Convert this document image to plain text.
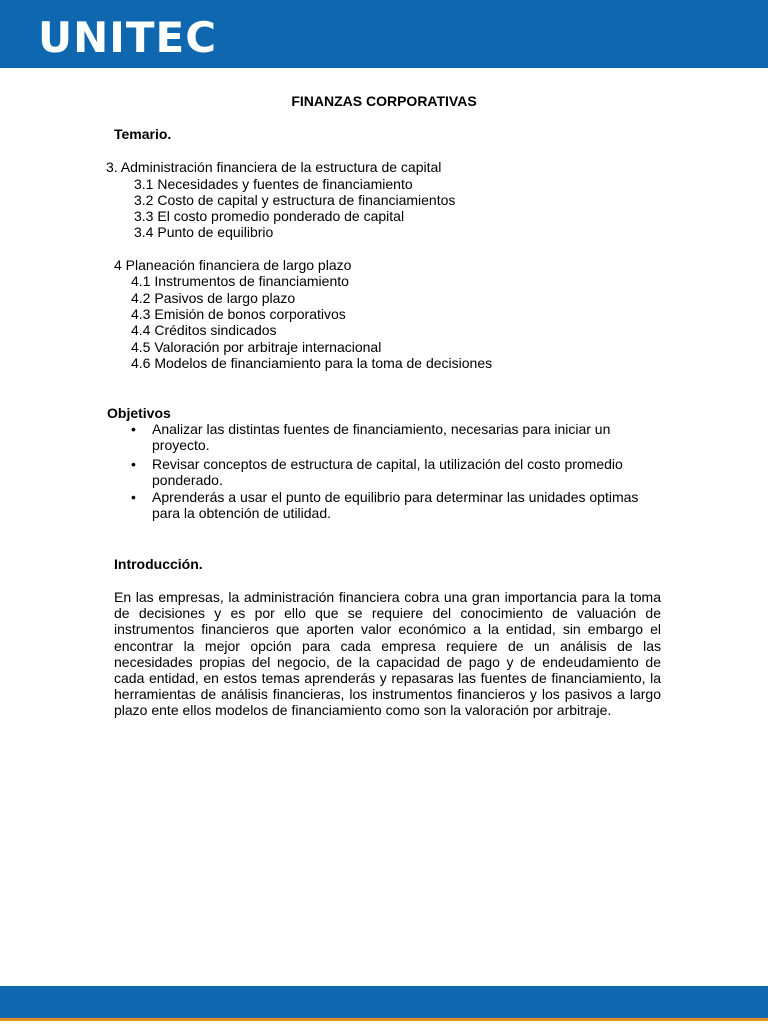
UNITEC
FINANZAS CORPORATIVAS
Temario.
3. Administración financiera de la estructura de capital
3.1 Necesidades y fuentes de financiamiento
3.2 Costo de capital y estructura de financiamientos
3.3 El costo promedio ponderado de capital
3.4 Punto de equilibrio
4 Planeación financiera de largo plazo
4.1 Instrumentos de financiamiento
4.2 Pasivos de largo plazo
4.3 Emisión de bonos corporativos
4.4 Créditos sindicados
4.5 Valoración por arbitraje internacional
4.6 Modelos de financiamiento para la toma de decisiones
Objetivos
• Analizar las distintas fuentes de financiamiento, necesarias para iniciar un
proyecto.
• Revisar conceptos de estructura de capital, la utilización del costo promedio
ponderado.
• Aprenderás a usar el punto de equilibrio para determinar las unidades optimas
para la obtención de utilidad.
Introducción.

En las empresas, la administración financiera cobra una gran importancia para la toma de decisiones y es por ello que se requiere del conocimiento de valuación de instrumentos financieros que aporten valor económico a la entidad, sin embargo el encontrar la mejor opción para cada empresa requiere de un análisis de las necesidades propias del negocio, de la capacidad de pago y de endeudamiento de cada entidad, en estos temas aprenderás y repasaras las fuentes de financiamiento, la herramientas de análisis financieras, los instrumentos financieros y los pasivos a largo plazo ente ellos modelos de financiamiento como son la valoración por arbitraje.
